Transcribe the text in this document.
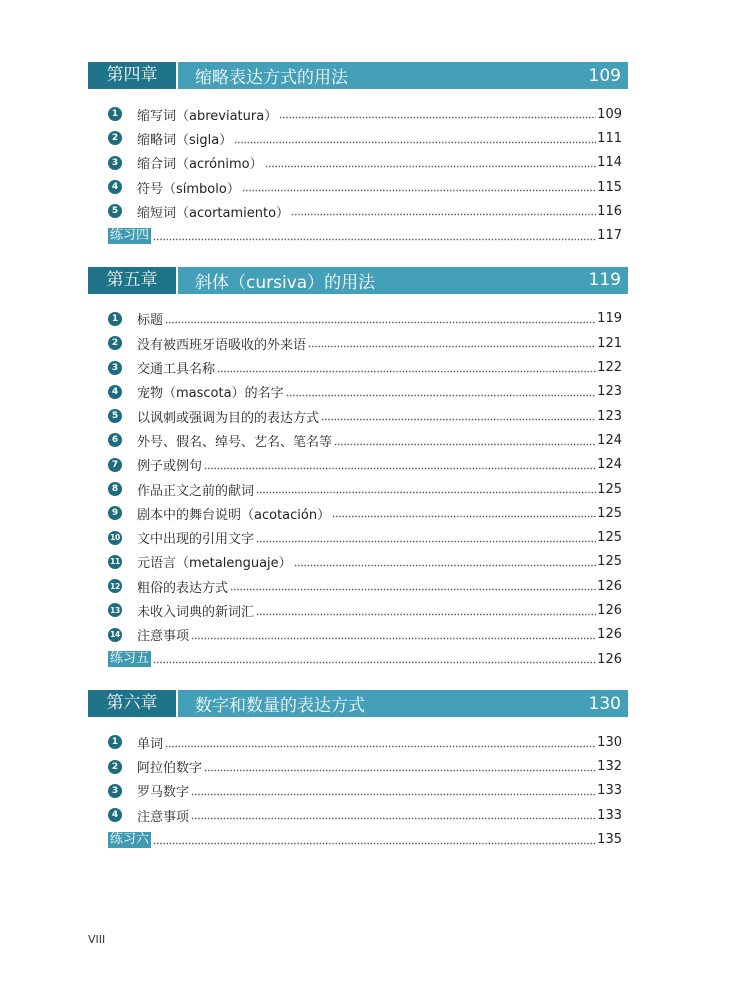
第四章	缩略表达方式的用法	109
1 缩写词（abreviatura）	109
2 缩略词（sigla）	111
3 缩合词（acrónimo）	114
4 符号（símbolo）	115
5 缩短词（acortamiento）	116
练习四	117
第五章	斜体（cursiva）的用法	119
1 标题	119
2 没有被西班牙语吸收的外来语	121
3 交通工具名称	122
4 宠物（mascota）的名字	123
5 以讽刺或强调为目的的表达方式	123
6 外号、假名、绰号、艺名、笔名等	124
7 例子或例句	124
8 作品正文之前的献词	125
9 剧本中的舞台说明（acotación）	125
10 文中出现的引用文字	125
11 元语言（metalenguaje）	125
12 粗俗的表达方式	126
13 未收入词典的新词汇	126
14 注意事项	126
练习五	126
第六章	数字和数量的表达方式	130
1 单词	130
2 阿拉伯数字	132
3 罗马数字	133
4 注意事项	133
练习六	135
VIII
